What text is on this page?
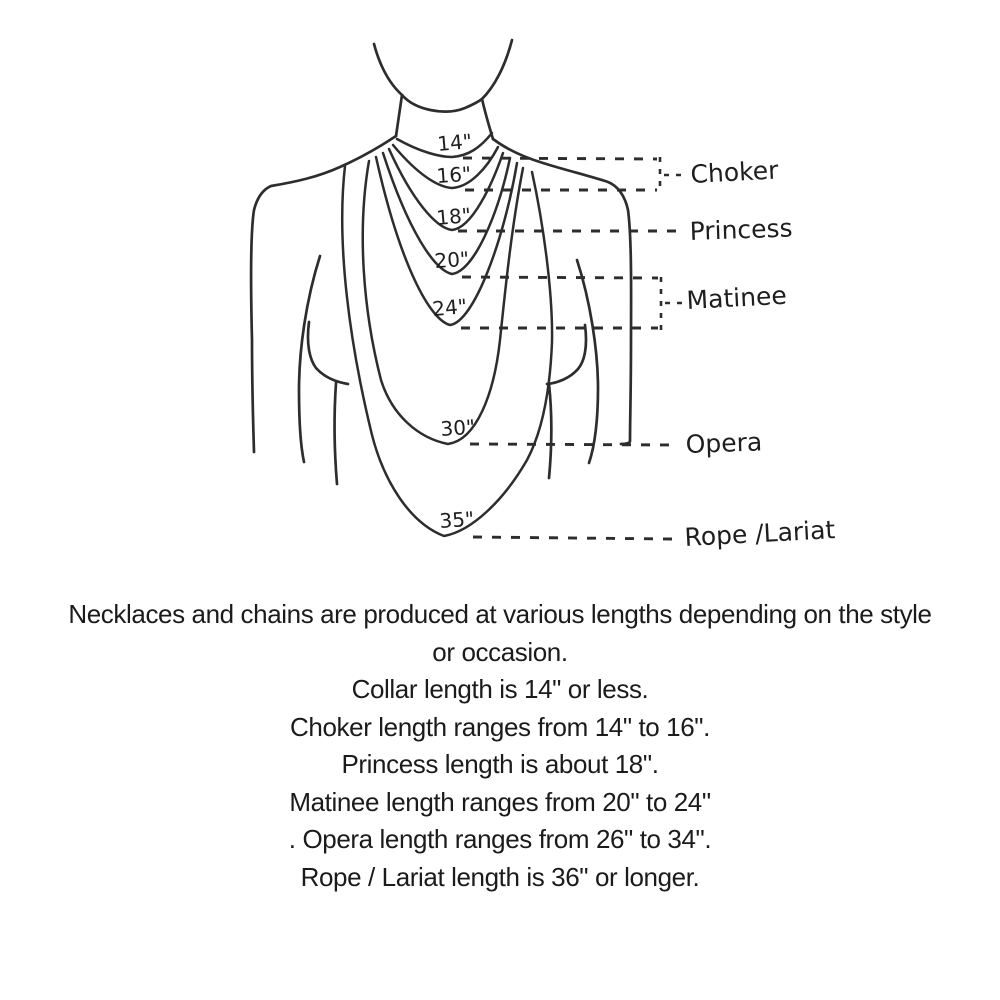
14"
16"
18"
20"
24"
30"
35"
Choker
Princess
Matinee
Opera
Rope /Lariat

Necklaces and chains are produced at various lengths depending on the style

or occasion.

Collar length is 14" or less.

Choker length ranges from 14" to 16".

Princess length is about 18".

Matinee length ranges from 20" to 24"

. Opera length ranges from 26" to 34".

Rope / Lariat length is 36" or longer.
